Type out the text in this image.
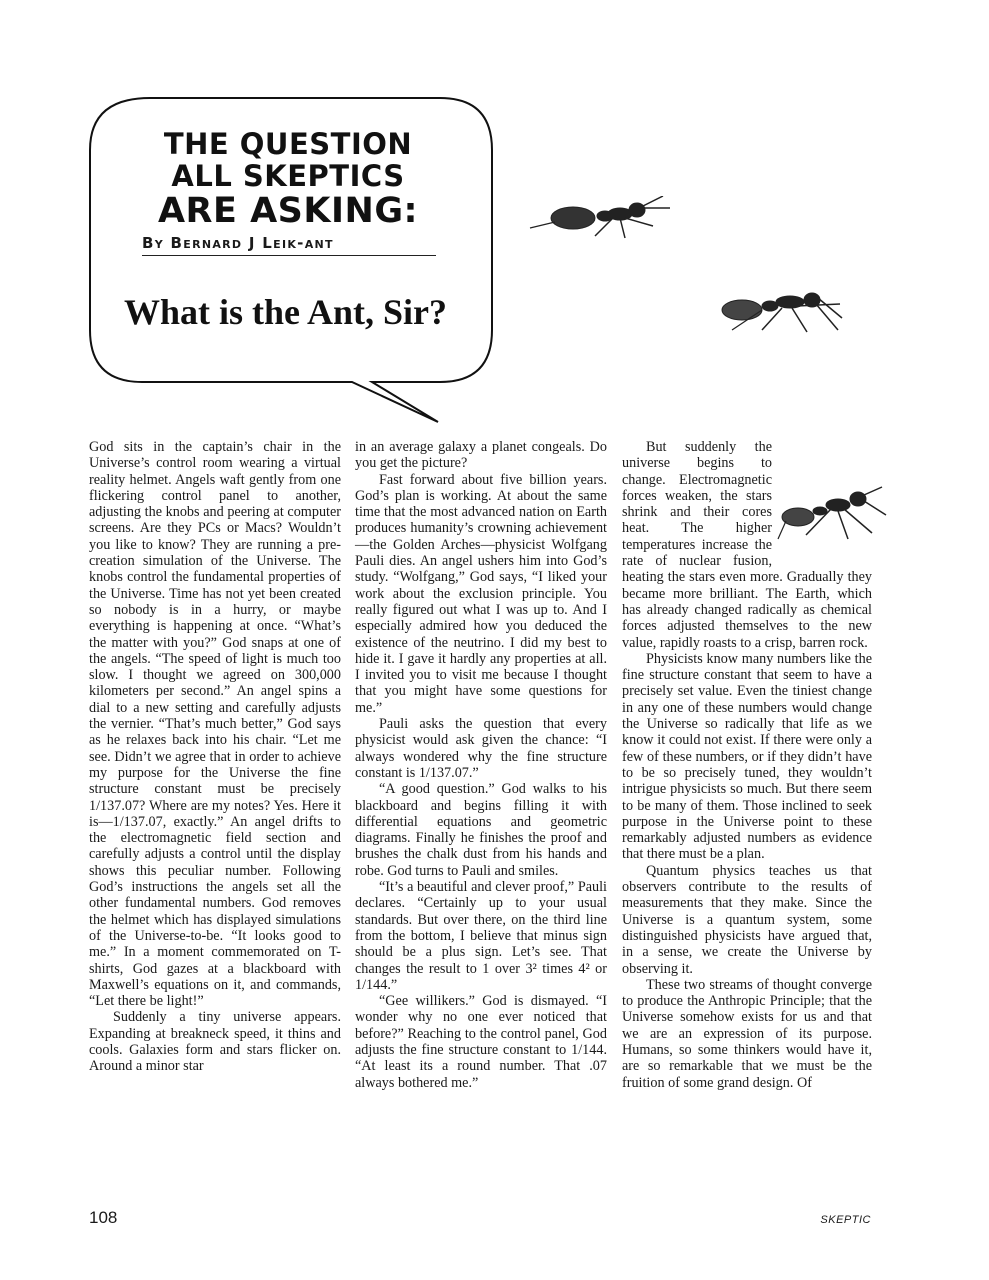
THE QUESTION
ALL SKEPTICS
ARE ASKING:
By Bernard J Leik-ant
What is the Ant, Sir?

God sits in the captain’s chair in the Universe’s control room wearing a virtual reality helmet. Angels waft gently from one flickering control panel to another, adjusting the knobs and peering at computer screens. Are they PCs or Macs? Wouldn’t you like to know? They are running a pre-creation simulation of the Universe. The knobs control the fundamental properties of the Universe. Time has not yet been created so nobody is in a hurry, or maybe everything is happening at once. “What’s the matter with you?” God snaps at one of the angels. “The speed of light is much too slow. I thought we agreed on 300,000 kilometers per second.” An angel spins a dial to a new setting and carefully adjusts the vernier. “That’s much better,” God says as he relaxes back into his chair. “Let me see. Didn’t we agree that in order to achieve my purpose for the Universe the fine structure constant must be precisely 1/137.07? Where are my notes? Yes. Here it is—1/137.07, exactly.” An angel drifts to the electromagnetic field section and carefully adjusts a control until the display shows this peculiar number. Following God’s instructions the angels set all the other fundamental numbers. God removes the helmet which has displayed simulations of the Universe-to-be. “It looks good to me.” In a moment commemorated on T-shirts, God gazes at a blackboard with Maxwell’s equations on it, and commands, “Let there be light!”

Suddenly a tiny universe appears. Expanding at breakneck speed, it thins and cools. Galaxies form and stars flicker on. Around a minor star

in an average galaxy a planet congeals. Do you get the picture?

Fast forward about five billion years. God’s plan is working. At about the same time that the most advanced nation on Earth produces humanity’s crowning achievement—the Golden Arches—physicist Wolfgang Pauli dies. An angel ushers him into God’s study. “Wolfgang,” God says, “I liked your work about the exclusion principle. You really figured out what I was up to. And I especially admired how you deduced the existence of the neutrino. I did my best to hide it. I gave it hardly any properties at all. I invited you to visit me because I thought that you might have some questions for me.”

Pauli asks the question that every physicist would ask given the chance: “I always wondered why the fine structure constant is 1/137.07.”

“A good question.” God walks to his blackboard and begins filling it with differential equations and geometric diagrams. Finally he finishes the proof and brushes the chalk dust from his hands and robe. God turns to Pauli and smiles.

“It’s a beautiful and clever proof,” Pauli declares. “Certainly up to your usual standards. But over there, on the third line from the bottom, I believe that minus sign should be a plus sign. Let’s see. That changes the result to 1 over 3² times 4² or 1/144.”

“Gee willikers.” God is dismayed. “I wonder why no one ever noticed that before?” Reaching to the control panel, God adjusts the fine structure constant to 1/144. “At least its a round number. That .07 always bothered me.”

But suddenly the universe begins to change. Electromagnetic forces weaken, the stars shrink and their cores heat. The higher temperatures increase the rate of nuclear fusion, heating the stars even more. Gradually they became more brilliant. The Earth, which has already changed radically as chemical forces adjusted themselves to the new value, rapidly roasts to a crisp, barren rock.

Physicists know many numbers like the fine structure constant that seem to have a precisely set value. Even the tiniest change in any one of these numbers would change the Universe so radically that life as we know it could not exist. If there were only a few of these numbers, or if they didn’t have to be so precisely tuned, they wouldn’t intrigue physicists so much. But there seem to be many of them. Those inclined to seek purpose in the Universe point to these remarkably adjusted numbers as evidence that there must be a plan.

Quantum physics teaches us that observers contribute to the results of measurements that they make. Since the Universe is a quantum system, some distinguished physicists have argued that, in a sense, we create the Universe by observing it.

These two streams of thought converge to produce the Anthropic Principle; that the Universe somehow exists for us and that we are an expression of its purpose. Humans, so some thinkers would have it, are so remarkable that we must be the fruition of some grand design. Of

108	SKEPTIC
